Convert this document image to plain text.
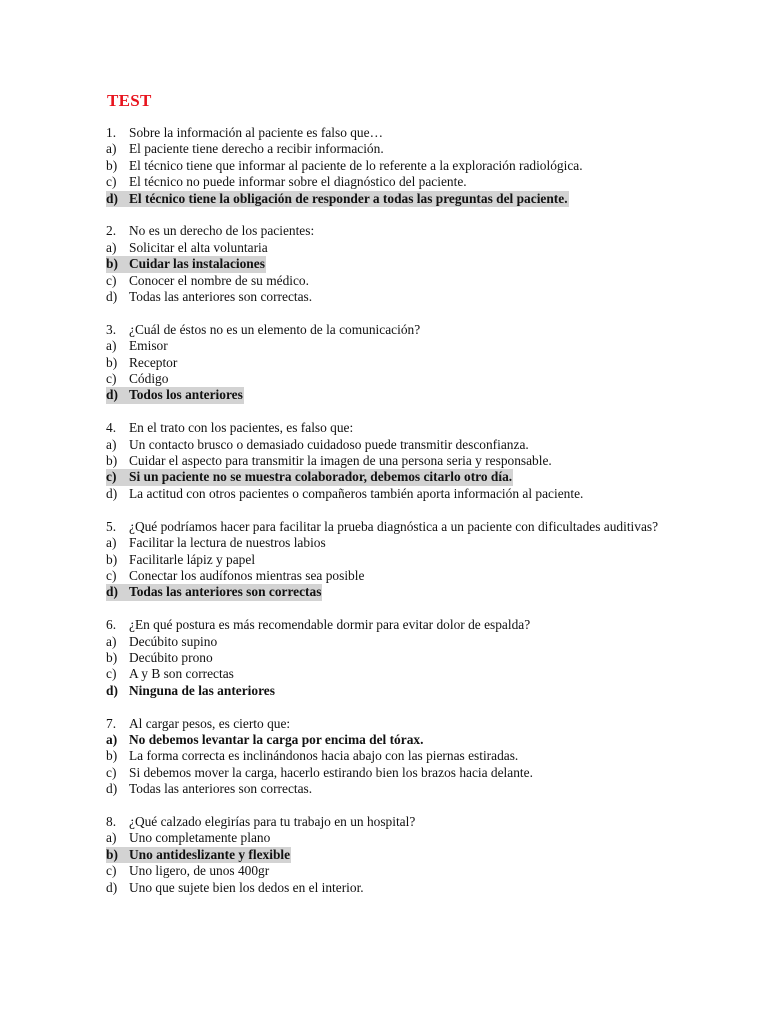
TEST
1. Sobre la información al paciente es falso que…
a) El paciente tiene derecho a recibir información.
b) El técnico tiene que informar al paciente de lo referente a la exploración radiológica.
c) El técnico no puede informar sobre el diagnóstico del paciente.
d) El técnico tiene la obligación de responder a todas las preguntas del paciente.
2. No es un derecho de los pacientes:
a) Solicitar el alta voluntaria
b) Cuidar las instalaciones
c) Conocer el nombre de su médico.
d) Todas las anteriores son correctas.
3. ¿Cuál de éstos no es un elemento de la comunicación?
a) Emisor
b) Receptor
c) Código
d) Todos los anteriores
4. En el trato con los pacientes, es falso que:
a) Un contacto brusco o demasiado cuidadoso puede transmitir desconfianza.
b) Cuidar el aspecto para transmitir la imagen de una persona seria y responsable.
c) Si un paciente no se muestra colaborador, debemos citarlo otro día.
d) La actitud con otros pacientes o compañeros también aporta información al paciente.
5. ¿Qué podríamos hacer para facilitar la prueba diagnóstica a un paciente con dificultades auditivas?
a) Facilitar la lectura de nuestros labios
b) Facilitarle lápiz y papel
c) Conectar los audífonos mientras sea posible
d) Todas las anteriores son correctas
6. ¿En qué postura es más recomendable dormir para evitar dolor de espalda?
a) Decúbito supino
b) Decúbito prono
c) A y B son correctas
d) Ninguna de las anteriores
7. Al cargar pesos, es cierto que:
a) No debemos levantar la carga por encima del tórax.
b) La forma correcta es inclinándonos hacia abajo con las piernas estiradas.
c) Si debemos mover la carga, hacerlo estirando bien los brazos hacia delante.
d) Todas las anteriores son correctas.
8. ¿Qué calzado elegirías para tu trabajo en un hospital?
a) Uno completamente plano
b) Uno antideslizante y flexible
c) Uno ligero, de unos 400gr
d) Uno que sujete bien los dedos en el interior.
